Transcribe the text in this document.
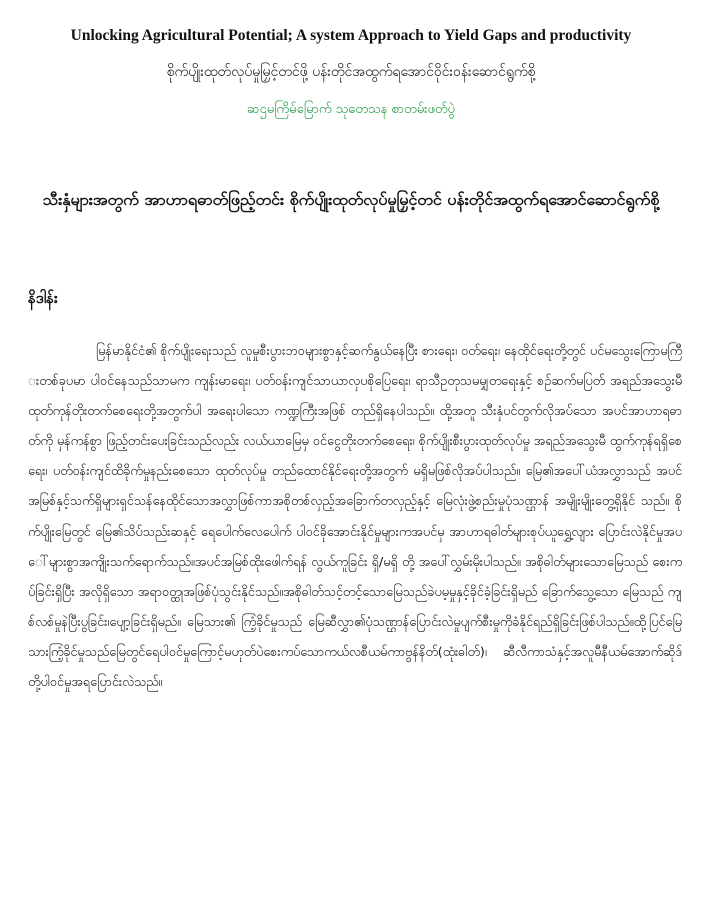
Unlocking Agricultural Potential; A system Approach to Yield Gaps and productivity
စိုက်ပျိုးထုတ်လုပ်မှုမြှင့်တင်ဖို့ ပန်းတိုင်အထွက်ရအောင်ဝိုင်းဝန်းဆောင်ရွက်စို့
ဆဌမကြိမ်မြောက် သုတေသန စာတမ်းဖတ်ပွဲ
သီးနှံများအတွက် အာဟာရဓာတ်ဖြည့်တင်း စိုက်ပျိုးထုတ်လုပ်မှုမြှင့်တင် ပန်းတိုင်အထွက်ရအောင်ဆောင်ရွက်စို့
နိဒါန်း

မြန်မာနိုင်ငံ၏ စိုက်ပျိုးရေးသည် လူမှုစီးပွားဘဝများစွာနှင့်ဆက်နွယ်နေပြီး စားရေး၊ ဝတ်ရေး၊ နေထိုင်ရေးတို့တွင် ပင်မသွေးကြောမကြီးတစ်ခုပမာ ပါဝင်နေသည်သာမက ကျန်းမာရေး၊ ပတ်ဝန်းကျင်သာယာလှပစိုပြေရေး၊ ရာသီဥတုသမမျှတရေးနှင့် စဉ်ဆက်မပြတ် အရည်အသွေးမီ ထုတ်ကုန်တိုးတက်စေရေးတို့အတွက်ပါ အရေးပါသော ကဏ္ဍကြီးအဖြစ် တည်ရှိနေပါသည်။ ထို့အတူ သီးနှံပင်တွက်လိုအပ်သော အပင်အာဟာရဓာတ်ကို မှန်ကန်စွာ ဖြည့်တင်းပေးခြင်းသည်လည်း လယ်ယာမြေမှ ဝင်ငွေတိုးတက်စေရေး၊ စိုက်ပျိုးစီးပွားထုတ်လုပ်မှု အရည်အသွေးမီ ထွက်ကုန်ရရှိစေရေး၊ ပတ်ဝန်းကျင်ထိခိုက်မှုနည်းစေသော ထုတ်လုပ်မှု တည်ထောင်နိုင်ရေးတို့အတွက် မရှိမဖြစ်လိုအပ်ပါသည်။ မြေ၏အပေါ်ယံအလွှာသည် အပင် အမြစ်နှင့်သက်ရှိများရှင်သန်နေထိုင်သောအလွှာဖြစ်ကာအစိုတစ်လှည့်အခြောက်တလှည့်နှင့် မြေလုံးဖွဲ့စည်းမှုပုံသဏ္ဌာန် အမျိုးမျိုးတွေ့ရှိနိုင် သည်။ စိုက်ပျိုးမြေတွင် မြေ၏သိပ်သည်းဆနှင့် ရေပေါက်လေပေါက် ပါဝင်ခိုအောင်းနိုင်မှုများကအပင်မှ အာဟာရဓါတ်များစုပ်ယူရွှေ့လျား ပြောင်းလဲနိုင်မှုအပေါ်များစွာအကျိုးသက်ရောက်သည်။အပင်အမြစ်ထိုးဖေါက်ရန် လွယ်ကူခြင်း ရှိ/မရှိ တို့ အပေါ်လွှမ်းမိုးပါသည်။ အစိုဓါတ်များသောမြေသည် စေးကပ်ခြင်းရှိပြီး အလိုရှိသော အရာဝတ္ထုအဖြစ်ပုံသွင်းနိုင်သည်။အစိုဓါတ်သင့်တင့်သောမြေသည်ခဲပမ့မှုနှင့်ခိုင်ခံ့ခြင်းရှိမည် ခြောက်သွေ့သော မြေသည် ကျစ်လစ်မှုနဲပြီးပွခြင်း၊ပျော့ခြင်းရှိမည်။ မြေသား၏ ကြံ့ခိုင်မှုသည် မြေဆီလွှာ၏ပုံသဏ္ဌာန်ပြောင်းလဲမှုပျက်စီးမှုကိုခံနိုင်ရည်ရှိခြင်းဖြစ်ပါသည်။ထို့ပြင်မြေသားကြံ့ခိုင်မှုသည်မြေတွင်ရေပါဝင်မှုကြောင့်မဟုတ်ပဲစေးကပ်သောကယ်လစီယမ်ကာဗွန်နိတ်(ထုံးဓါတ်)၊ ဆီလီကာသံနှင့်အလူမီနီယမ်အောက်ဆိုဒ်တို့ပါဝင်မှုအရပြောင်းလဲသည်။
